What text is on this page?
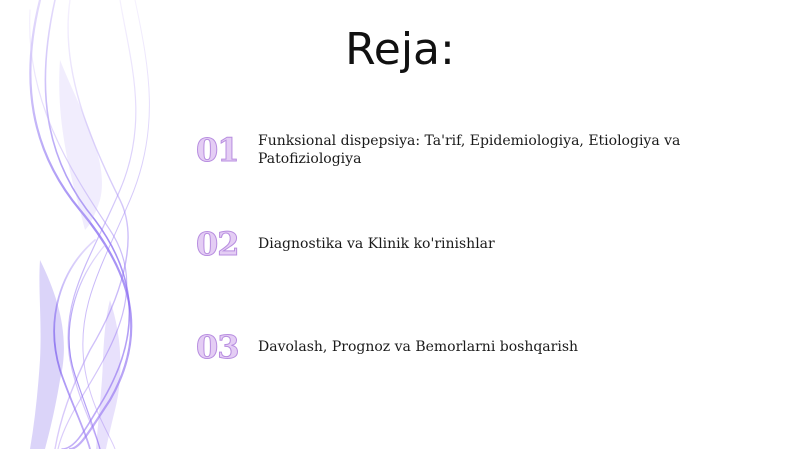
Reja:
01	Funksional dispepsiya: Ta'rif, Epidemiologiya, Etiologiya va Patofiziologiya
02	Diagnostika va Klinik ko'rinishlar
03	Davolash, Prognoz va Bemorlarni boshqarish
